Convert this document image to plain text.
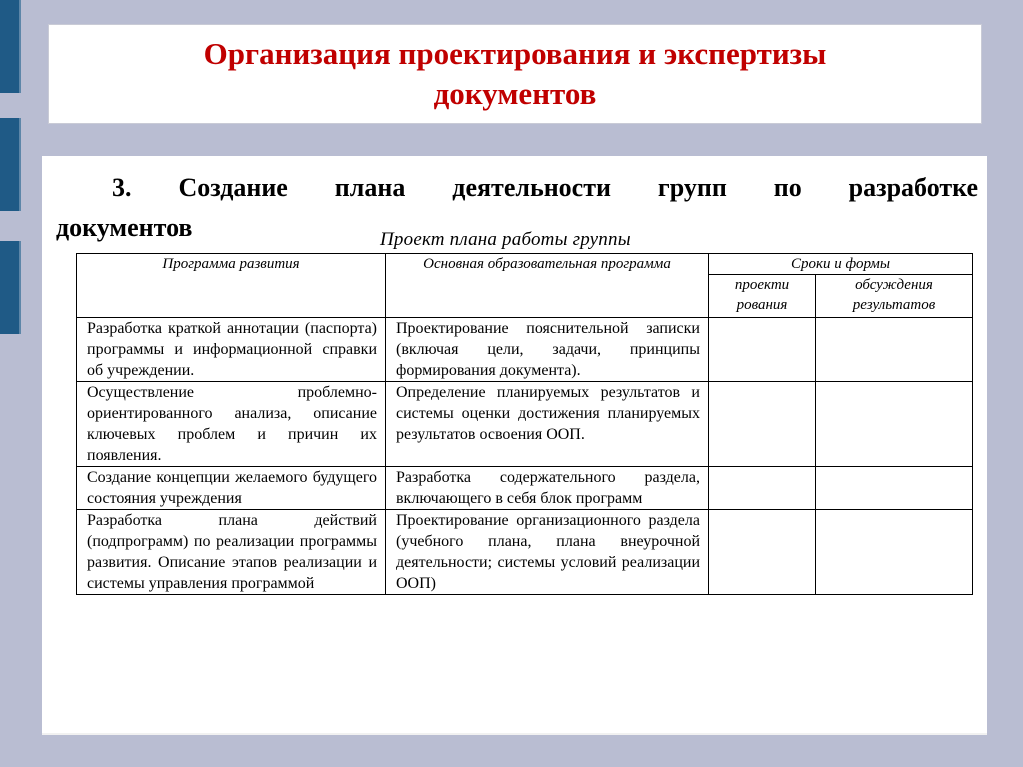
Организация проектирования и экспертизы документов
3. Создание плана деятельности групп по разработке
документов	Проект плана работы группы
Программа развития	Основная образовательная программа	Сроки и формы	
		проекти рования	обсуждения результатов
Разработка краткой аннотации (паспорта) программы и информационной справки об учреждении.	Проектирование пояснительной записки (включая цели, задачи, принципы формирования документа).		
Осуществление проблемно-ориентированного анализа, описание ключевых проблем и причин их появления.	Определение планируемых результатов и системы оценки достижения планируемых результатов освоения ООП.		
Создание концепции желаемого будущего состояния учреждения	Разработка содержательного раздела, включающего в себя блок программ		
Разработка плана действий (подпрограмм) по реализации программы развития. Описание этапов реализации и системы управления программой	Проектирование организационного раздела (учебного плана, плана внеурочной деятельности; системы условий реализации ООП)		
